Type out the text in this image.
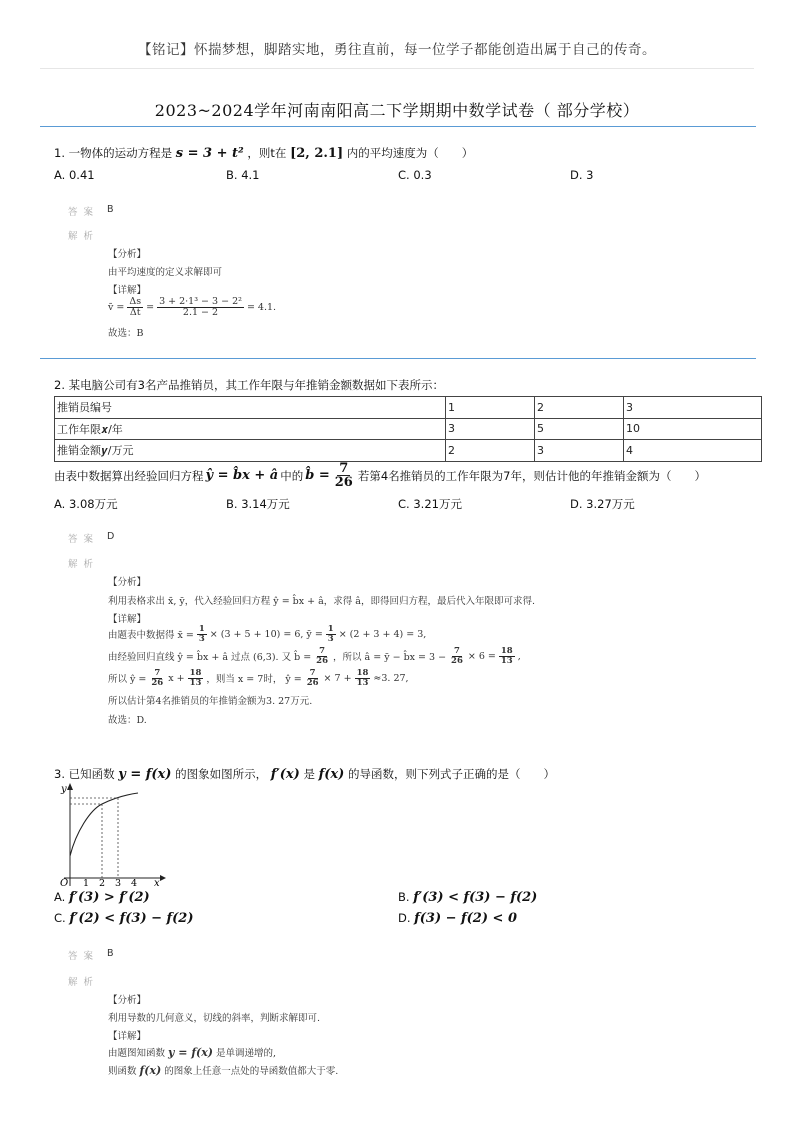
【铭记】怀揣梦想，脚踏实地，勇往直前，每一位学子都能创造出属于自己的传奇。
2023~2024学年河南南阳高二下学期期中数学试卷（ 部分学校）
1. 一物体的运动方程是 s = 3 + t² ，则t在 [2, 2.1] 内的平均速度为（　　）
A. 0.41	B. 4.1	C. 0.3	D. 3
答案 B
解析
【分析】
由平均速度的定义求解即可
【详解】
v̄ = $\frac{\Delta s}{\Delta t} = \frac{\text{3 + 2·1³ − 3 − 2²}}{2.1 - 2} = 4.1$.
故选：B
2. 某电脑公司有3名产品推销员，其工作年限与年推销金额数据如下表所示：
推销员编号	1	2	3
工作年限𝒙/年	3	5	10
推销金额𝒚/万元	2	3	4
由表中数据算出经验回归方程 ŷ = b̂x + â 中的 b̂ = $\frac{7}{26}$ 若第4名推销员的工作年限为7年，则估计他的年推销金额为（　　）
A. 3.08万元	B. 3.14万元	C. 3.21万元	D. 3.27万元
答案 D
解析
【分析】
利用表格求出 x̄, ȳ，代入经验回归方程 ŷ = b̂x + â，求得 â，即得回归方程，最后代入年限即可求得.
【详解】
由题表中数据得 x̄ = $\frac{1}{3} \times (3 + 5 + 10) = 6$, ȳ = $\frac{1}{3} \times (2 + 3 + 4) = 3$,
由经验回归直线 ŷ = b̂x + â 过点 (6,3). 又 b̂ = $\frac{7}{26}$ ，所以 â = ȳ − b̂x = $3 - \frac{7}{26} \times 6 = \frac{18}{13}$ ,
所以 ŷ = $\frac{7}{26}$ $x + \frac{18}{13}$ ，则当 x = 7时， ŷ = $\frac{7}{26} \times 7 + \frac{18}{13} \approx 3$. 27,
所以估计第4名推销员的年推销金额为3. 27万元.
故选：D.
3. 已知函数 y = f(x) 的图象如图所示， f′(x) 是 f(x) 的导函数，则下列式子正确的是（　　）
y
x
O 1 2 3 4
A. f′(3) > f′(2)	B. f′(3) < f(3) − f(2)
C. f′(2) < f(3) − f(2)	D. f(3) − f(2) < 0
答案 B
解析
【分析】
利用导数的几何意义，切线的斜率，判断求解即可.
【详解】
由题图知函数 y = f(x) 是单调递增的,
则函数 f(x) 的图象上任意一点处的导函数值都大于零.
